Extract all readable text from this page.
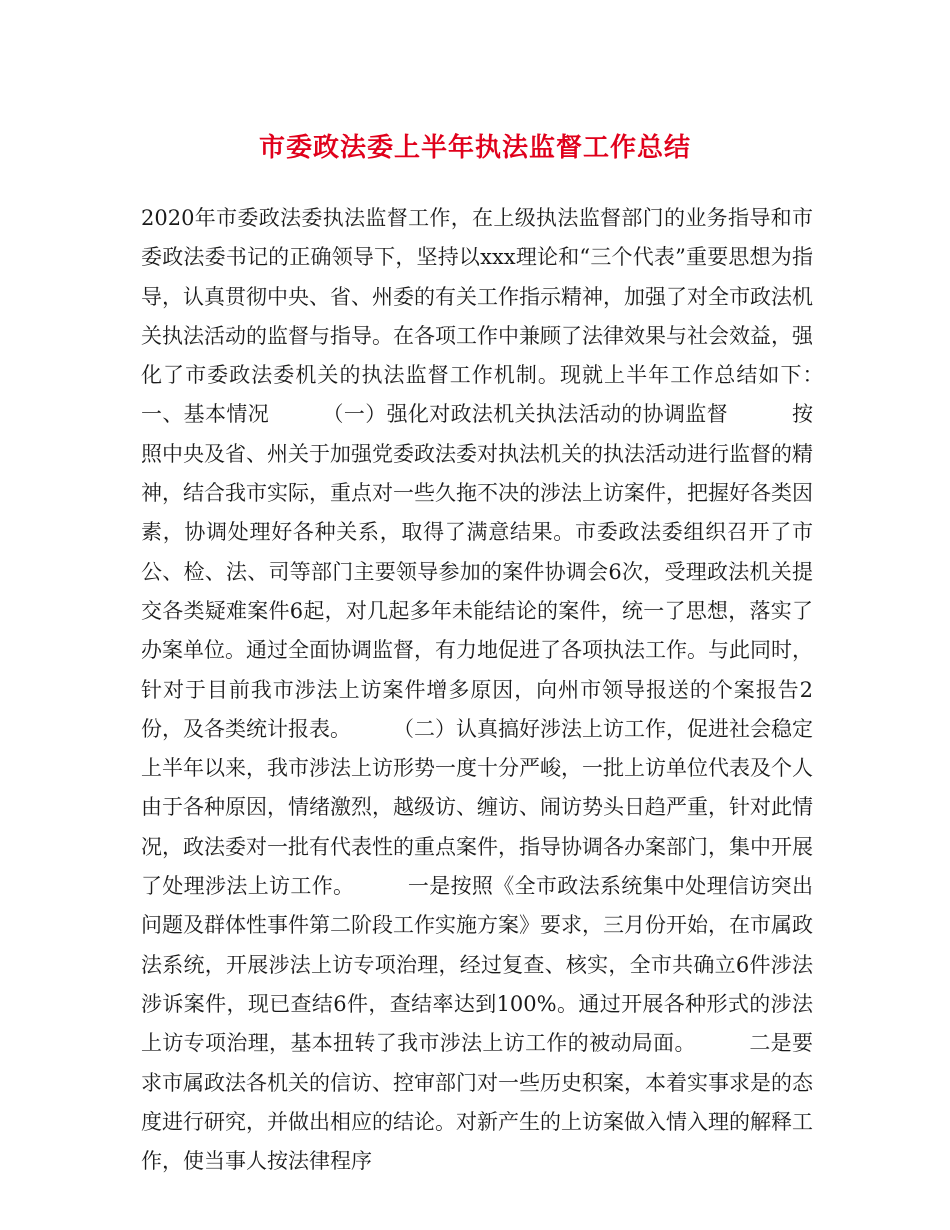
市委政法委上半年执法监督工作总结

2020年市委政法委执法监督工作，在上级执法监督部门的业务指导和市委政法委书记的正确领导下，坚持以xxx理论和“三个代表”重要思想为指导，认真贯彻中央、省、州委的有关工作指示精神，加强了对全市政法机关执法活动的监督与指导。在各项工作中兼顾了法律效果与社会效益，强化了市委政法委机关的执法监督工作机制。现就上半年工作总结如下：　　　一、基本情况　　　（一）强化对政法机关执法活动的协调监督　　　按照中央及省、州关于加强党委政法委对执法机关的执法活动进行监督的精神，结合我市实际，重点对一些久拖不决的涉法上访案件，把握好各类因素，协调处理好各种关系，取得了满意结果。市委政法委组织召开了市公、检、法、司等部门主要领导参加的案件协调会6次，受理政法机关提交各类疑难案件6起，对几起多年未能结论的案件，统一了思想，落实了办案单位。通过全面协调监督，有力地促进了各项执法工作。与此同时，针对于目前我市涉法上访案件增多原因，向州市领导报送的个案报告2份，及各类统计报表。　　　（二）认真搞好涉法上访工作，促进社会稳定　　　上半年以来，我市涉法上访形势一度十分严峻，一批上访单位代表及个人由于各种原因，情绪激烈，越级访、缠访、闹访势头日趋严重，针对此情况，政法委对一批有代表性的重点案件，指导协调各办案部门，集中开展了处理涉法上访工作。　　　一是按照《全市政法系统集中处理信访突出问题及群体性事件第二阶段工作实施方案》要求，三月份开始，在市属政法系统，开展涉法上访专项治理，经过复查、核实，全市共确立6件涉法涉诉案件，现已查结6件，查结率达到100%。通过开展各种形式的涉法上访专项治理，基本扭转了我市涉法上访工作的被动局面。　　　二是要求市属政法各机关的信访、控审部门对一些历史积案，本着实事求是的态度进行研究，并做出相应的结论。对新产生的上访案做入情入理的解释工作，使当事人按法律程序
